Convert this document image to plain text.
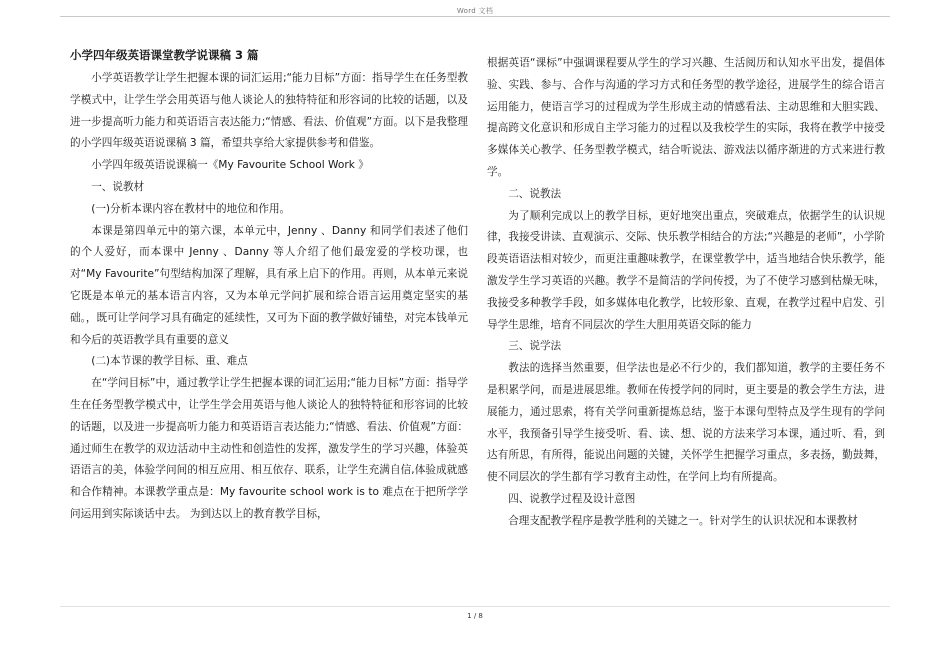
Word 文档

小学四年级英语课堂教学说课稿 3 篇

小学英语教学让学生把握本课的词汇运用;“能力目标”方面：指导学生在任务型教学模式中，让学生学会用英语与他人谈论人的独特特征和形容词的比较的话题，以及进一步提高听力能力和英语语言表达能力;“情感、看法、价值观”方面。以下是我整理的小学四年级英语说课稿 3 篇，希望共享给大家提供参考和借鉴。

小学四年级英语说课稿一《My Favourite School Work 》

一、说教材

(一)分析本课内容在教材中的地位和作用。

本课是第四单元中的第六课，本单元中，Jenny 、Danny 和同学们表述了他们的个人爱好，而本课中 Jenny 、Danny 等人介绍了他们最宠爱的学校功课，也对“My Favourite”句型结构加深了理解，具有承上启下的作用。再则，从本单元来说它既是本单元的基本语言内容，又为本单元学问扩展和综合语言运用奠定坚实的基础。，既可让学问学习具有确定的延续性，又可为下面的教学做好铺垫，对完本钱单元和今后的英语教学具有重要的意义

(二)本节课的教学目标、重、难点

在“学问目标”中，通过教学让学生把握本课的词汇运用;“能力目标”方面：指导学生在任务型教学模式中，让学生学会用英语与他人谈论人的独特特征和形容词的比较的话题，以及进一步提高听力能力和英语语言表达能力;“情感、看法、价值观”方面：通过师生在教学的双边活动中主动性和创造性的发挥，激发学生的学习兴趣，体验英语语言的美，体验学问间的相互应用、相互依存、联系，让学生充满自信,体验成就感和合作精神。本课教学重点是：My favourite school work is to 难点在于把所学学问运用到实际谈话中去。 为到达以上的教育教学目标，

根据英语“课标”中强调课程要从学生的学习兴趣、生活阅历和认知水平出发，提倡体验、实践、参与、合作与沟通的学习方式和任务型的教学途径，进展学生的综合语言运用能力，使语言学习的过程成为学生形成主动的情感看法、主动思维和大胆实践、提高跨文化意识和形成自主学习能力的过程以及我校学生的实际，我将在教学中接受多媒体关心教学、任务型教学模式，结合听说法、游戏法以循序渐进的方式来进行教学。

二、说教法

为了顺利完成以上的教学目标，更好地突出重点，突破难点，依据学生的认识规律，我接受讲读、直观演示、交际、快乐教学相结合的方法;“兴趣是的老师”，小学阶段英语语法相对较少，而更注重趣味教学，在课堂教学中，适当地结合快乐教学，能激发学生学习英语的兴趣。教学不是简洁的学问传授，为了不使学习感到枯燥无味，我接受多种教学手段，如多媒体电化教学，比较形象、直观，在教学过程中启发、引导学生思维，培育不同层次的学生大胆用英语交际的能力

三、说学法

教法的选择当然重要，但学法也是必不行少的，我们都知道，教学的主要任务不是积累学问，而是进展思维。教师在传授学问的同时，更主要是的教会学生方法，进展能力，通过思索，将有关学问重新提炼总结，鉴于本课句型特点及学生现有的学问水平，我预备引导学生接受听、看、读、想、说的方法来学习本课，通过听、看，到达有所思，有所得，能说出问题的关键，关怀学生把握学习重点，多表扬，勤鼓舞，使不同层次的学生都有学习教育主动性，在学问上均有所提高。

四、说教学过程及设计意图

合理支配教学程序是教学胜利的关键之一。针对学生的认识状况和本课教材

1 / 8
